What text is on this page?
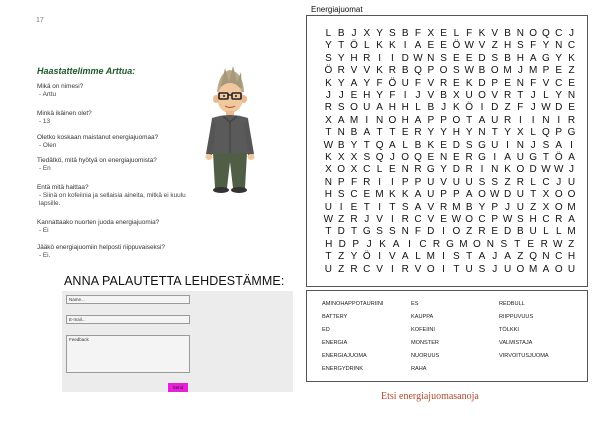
17
Haastattelimme Arttua:
Mikä on nimesi?
- Arttu
Minkä ikäinen olet?
- 13
Oletko koskaan maistanut energiajuomaa?
- Olen
Tiedätkö, mitä hyötyä on energiajuomista?
- En
Entä mitä haittaa?
- Siinä on kofeiinia ja sellaisia aineita, mitkä ei kuulu lapsille.
Kannattaako nuorten juoda energiajuomia?
- Ei
Jääkö energiajuomiin helposti riippuvaiseksi?
- Ei.
ANNA PALAUTETTA LEHDESTÄMME:
Name...
E-mail...
Feedback
Send
Energiajuomat
L B J X Y S B F X E L F K V B N O Q C J
Y T Ö L K K I A E E Ö W V Z H S F Y N C
S Y H R I	I D W N S E E D S B H A G Y K
Ö R V V K R B Q P O S W B O M J M P E Z
K Y A Y F Ö U F V R E K D P E N F V C E
J J E H Y F I J V B X U O V R T J L Y N
R S O U A H H L B J K Ö I D Z F J W D E
X A M I N O H A P P O T A U R I	I N I R
T N B A T T E R Y Y H Y N T Y X L Q P G
W B Y T Q A L B K E D S G U I N J S A I
K X X S Q J O Q E N E R G I A U G T Ö A
X O X C L E N R G Y D R I N K O D W W J
N P F R I	I P P U V U U S S Z R L C J U
H S C E M K K A U P P A O W D U T X O O
U I E T I T S A V R M B Y P J U Z X O M
W Z R J V I R C V E W O C P W S H C R A
T D T G S S N F D I O Z R E D B U L L M
H D P J K A I C R G M O N S T E R W Z
T Z Y Ö I V A L M I S T A J A Z Q N C H
U Z R C V I R V O I T U S J U O M A O U
AMINOHAPPOTAURIINI	ES	REDBULL
BATTERY	KAUPPA	RIIPPUVUUS
ED	KOFEIINI	TÖLKKI
ENERGIA	MONSTER	VALMISTAJA
ENERGIAJUOMA	NUORUUS	VIRVOITUSJUOMA
ENERGYDRINK	RAHA
Etsi energiajuomasanoja
